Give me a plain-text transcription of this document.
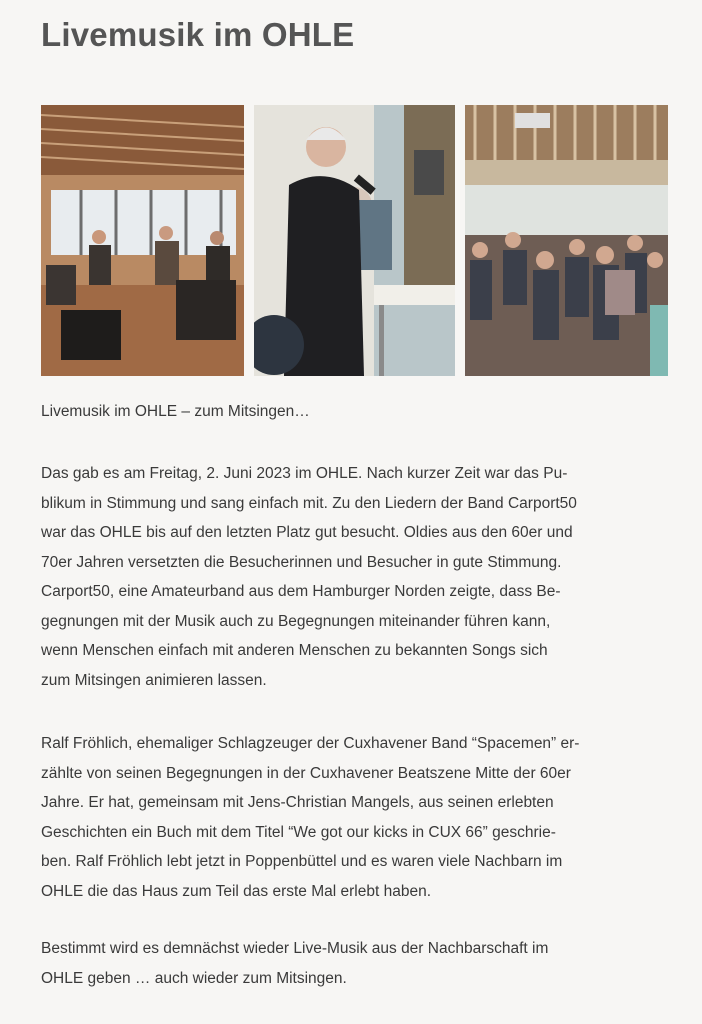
Livemusik im OHLE

Livemusik im OHLE – zum Mitsingen…

Das gab es am Freitag, 2. Juni 2023 im OHLE. Nach kurzer Zeit war das Pu-
blikum in Stimmung und sang einfach mit. Zu den Liedern der Band Carport50
war das OHLE bis auf den letzten Platz gut besucht. Oldies aus den 60er und
70er Jahren versetzten die Besucherinnen und Besucher in gute Stimmung.
Carport50, eine Amateurband aus dem Hamburger Norden zeigte, dass Be-
gegnungen mit der Musik auch zu Begegnungen miteinander führen kann,
wenn Menschen einfach mit anderen Menschen zu bekannten Songs sich
zum Mitsingen animieren lassen.
Ralf Fröhlich, ehemaliger Schlagzeuger der Cuxhavener Band “Spacemen” er-
zählte von seinen Begegnungen in der Cuxhavener Beatszene Mitte der 60er
Jahre. Er hat, gemeinsam mit Jens-Christian Mangels, aus seinen erlebten
Geschichten ein Buch mit dem Titel “We got our kicks in CUX 66” geschrie-
ben. Ralf Fröhlich lebt jetzt in Poppenbüttel und es waren viele Nachbarn im
OHLE die das Haus zum Teil das erste Mal erlebt haben.
Bestimmt wird es demnächst wieder Live-Musik aus der Nachbarschaft im
OHLE geben … auch wieder zum Mitsingen.
